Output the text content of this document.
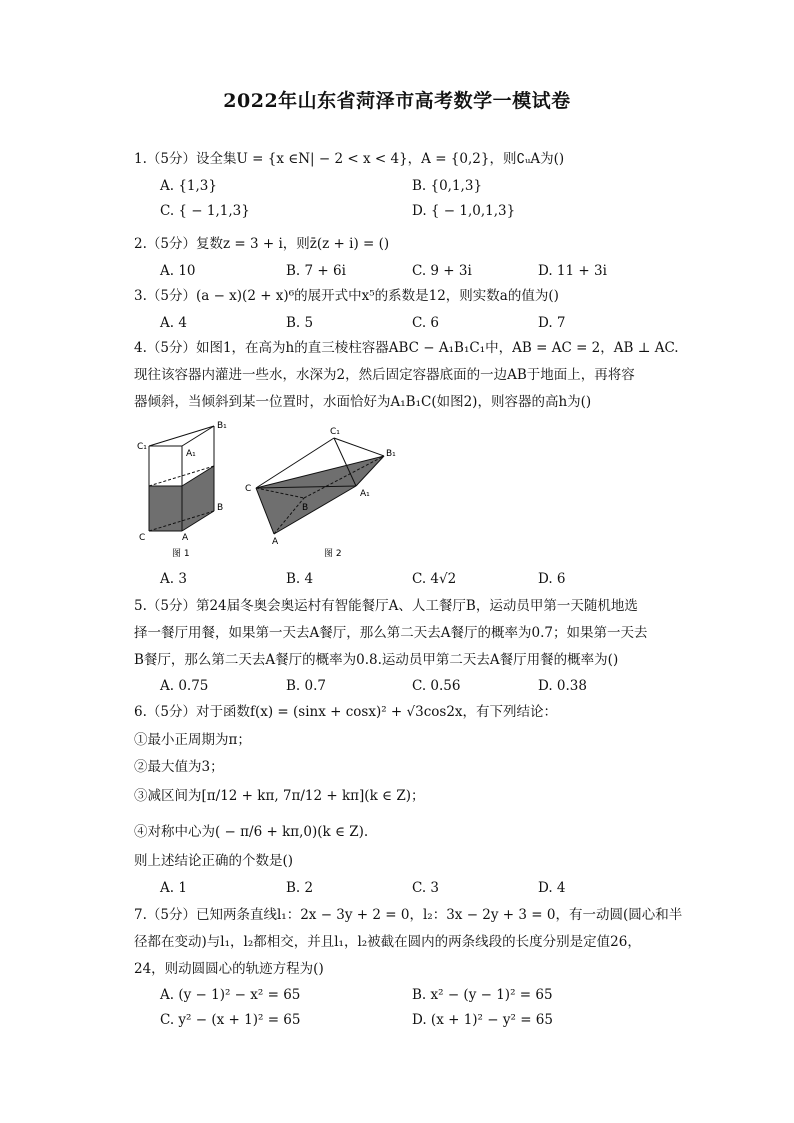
2022年山东省菏泽市高考数学一模试卷
1.（5分）设全集U = {x ∈N| − 2 < x < 4}，A = {0,2}，则∁ᵤA为()
A. {1,3}	B. {0,1,3}
C. { − 1,1,3}	D. { − 1,0,1,3}
2.（5分）复数z = 3 + i，则z̄(z + i) = ()
A. 10	B. 7 + 6i	C. 9 + 3i	D. 11 + 3i
3.（5分）(a − x)(2 + x)⁶的展开式中x⁵的系数是12，则实数a的值为()
A. 4	B. 5	C. 6	D. 7
4.（5分）如图1，在高为h的直三棱柱容器ABC − A₁B₁C₁中，AB = AC = 2，AB ⊥ AC.
现往该容器内灌进一些水，水深为2，然后固定容器底面的一边AB于地面上，再将容
器倾斜，当倾斜到某一位置时，水面恰好为A₁B₁C(如图2)，则容器的高h为()
B₁
C₁
A₁
B
C	A
图 1
C₁
B₁
C	A₁
B
A
图 2
A. 3	B. 4	C. 4√2	D. 6
5.（5分）第24届冬奥会奥运村有智能餐厅A、人工餐厅B，运动员甲第一天随机地选
择一餐厅用餐，如果第一天去A餐厅，那么第二天去A餐厅的概率为0.7；如果第一天去
B餐厅，那么第二天去A餐厅的概率为0.8.运动员甲第二天去A餐厅用餐的概率为()
A. 0.75	B. 0.7	C. 0.56	D. 0.38
6.（5分）对于函数f(x) = (sinx + cosx)² + √3cos2x，有下列结论：
①最小正周期为π；
②最大值为3；
③减区间为[π/12 + kπ, 7π/12 + kπ](k ∈ Z)；
④对称中心为( − π/6 + kπ,0)(k ∈ Z).
则上述结论正确的个数是()
A. 1	B. 2	C. 3	D. 4
7.（5分）已知两条直线l₁：2x − 3y + 2 = 0，l₂：3x − 2y + 3 = 0，有一动圆(圆心和半
径都在变动)与l₁，l₂都相交，并且l₁，l₂被截在圆内的两条线段的长度分别是定值26，
24，则动圆圆心的轨迹方程为()
A. (y − 1)² − x² = 65	B. x² − (y − 1)² = 65
C. y² − (x + 1)² = 65	D. (x + 1)² − y² = 65
